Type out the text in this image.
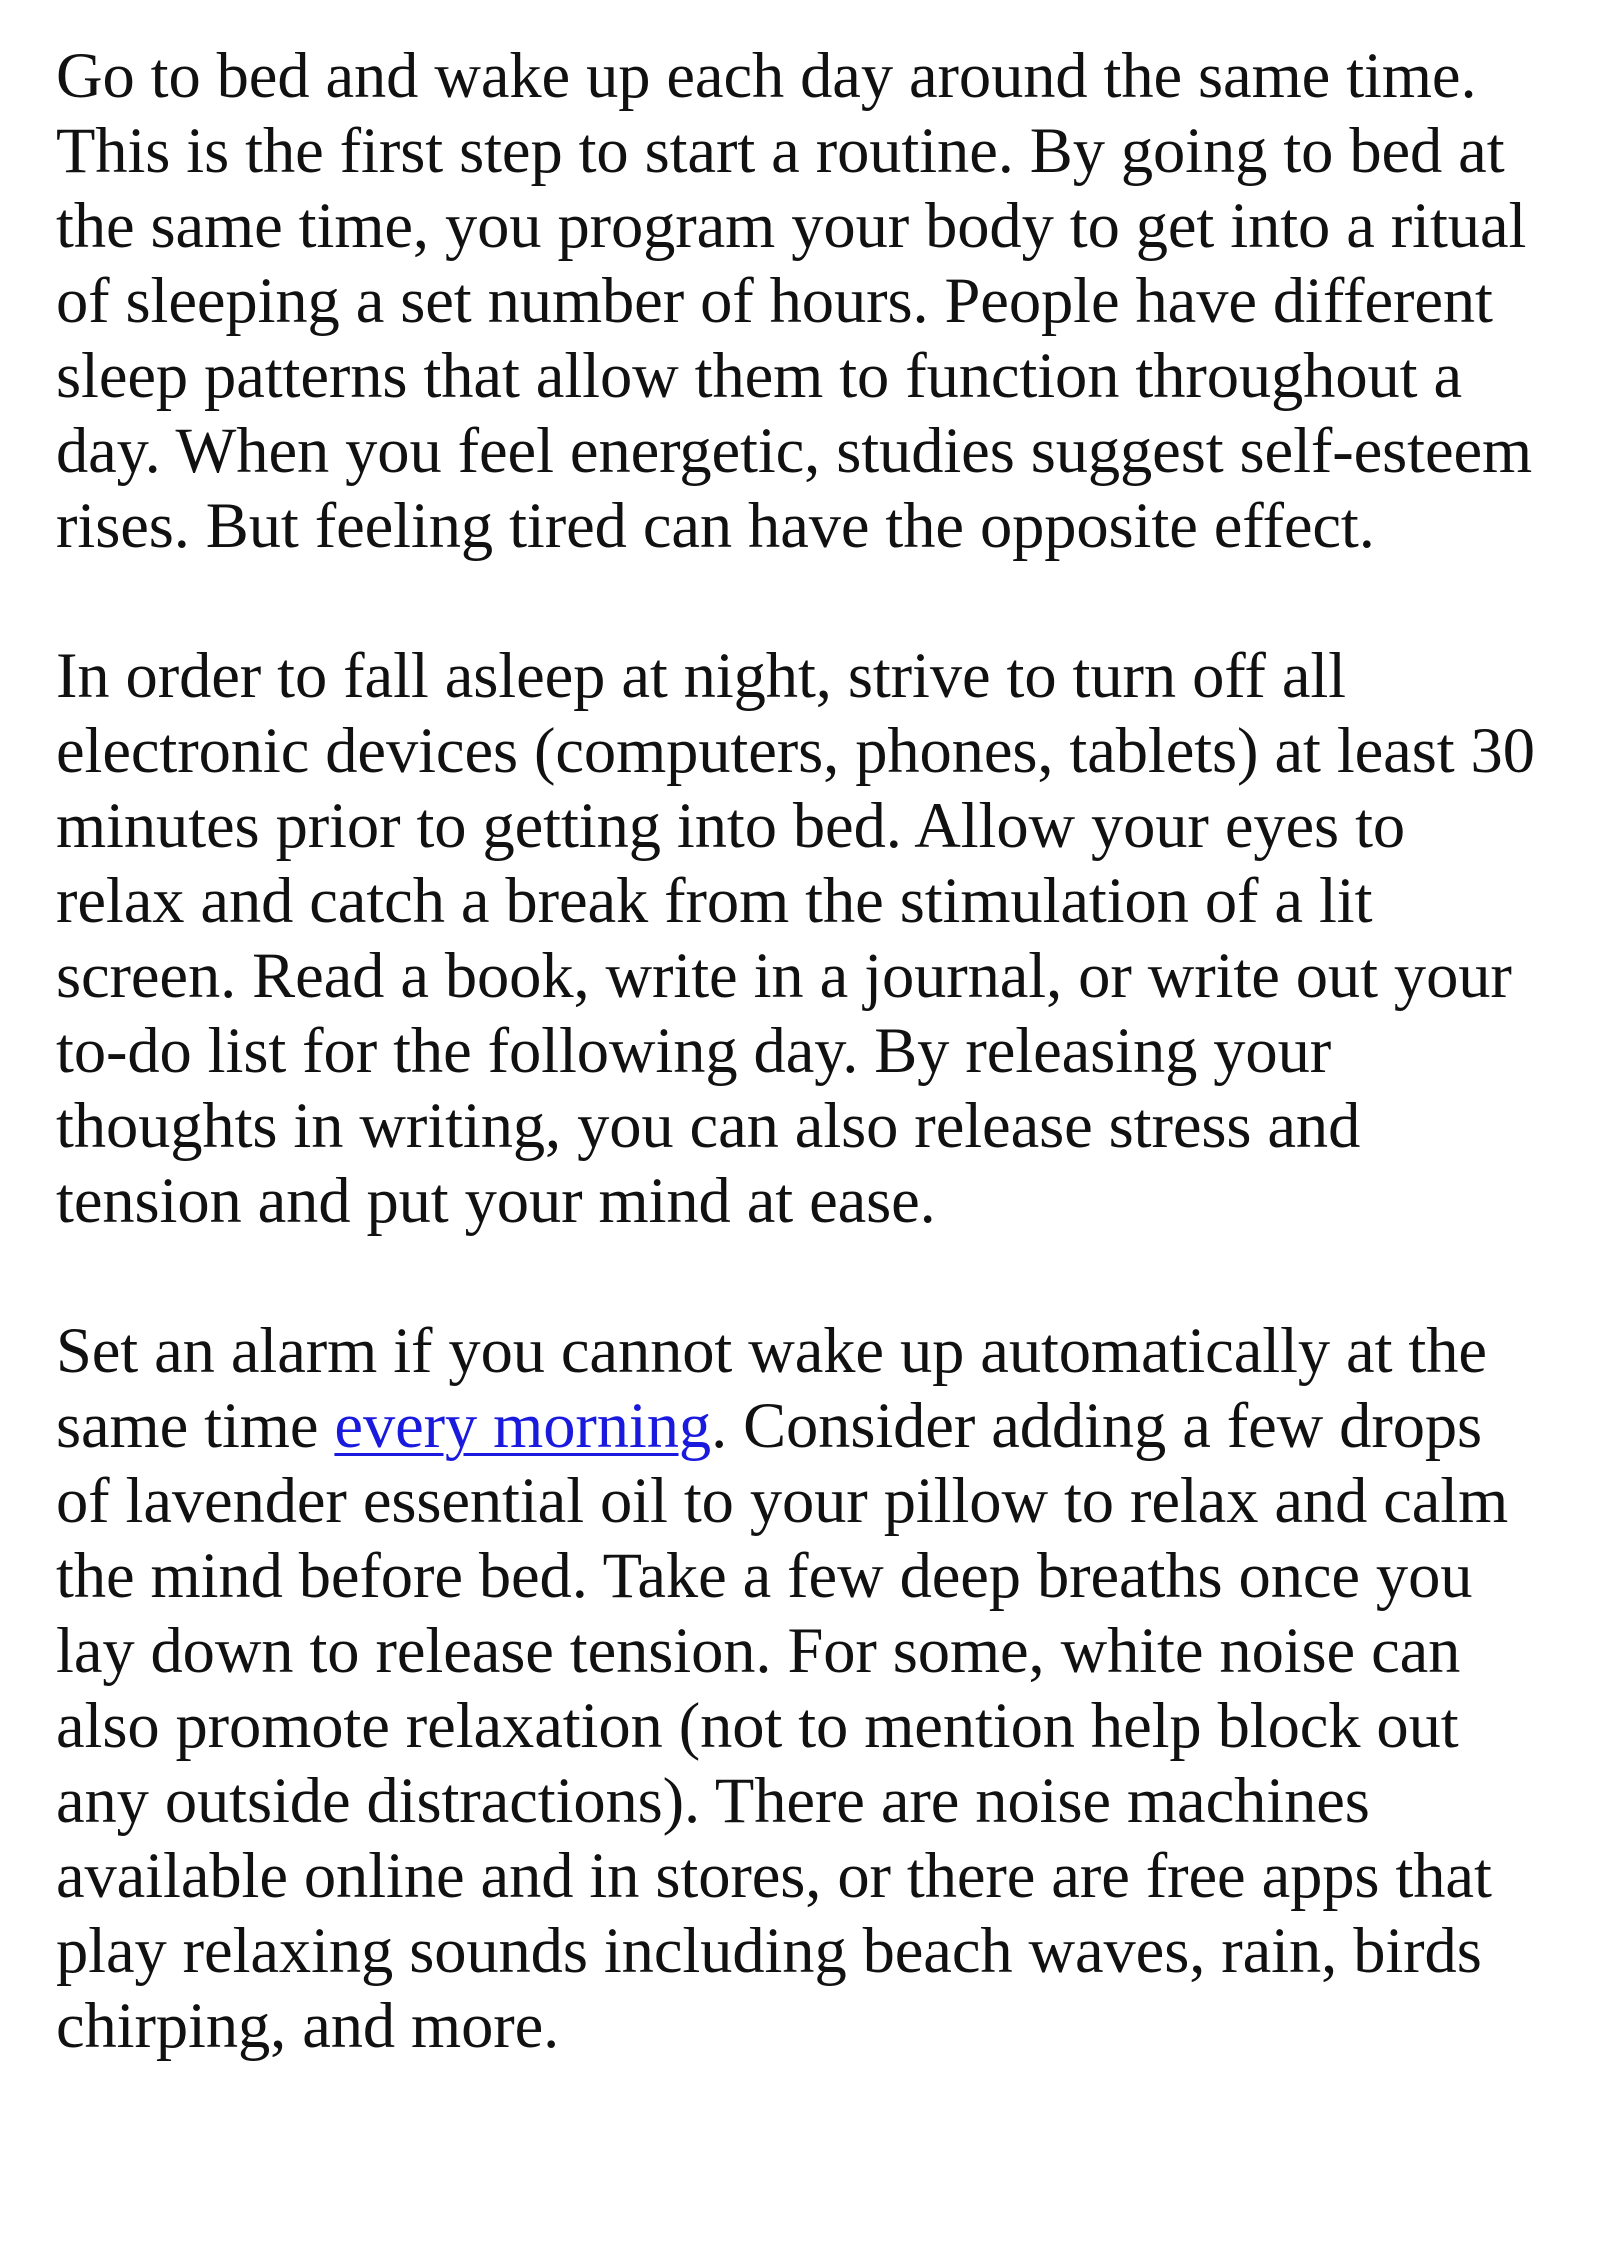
Go to bed and wake up each day around the same time.
This is the first step to start a routine. By going to bed at
the same time, you program your body to get into a ritual
of sleeping a set number of hours. People have different
sleep patterns that allow them to function throughout a
day. When you feel energetic, studies suggest self-esteem
rises. But feeling tired can have the opposite effect.

In order to fall asleep at night, strive to turn off all
electronic devices (computers, phones, tablets) at least 30
minutes prior to getting into bed. Allow your eyes to
relax and catch a break from the stimulation of a lit
screen. Read a book, write in a journal, or write out your
to-do list for the following day. By releasing your
thoughts in writing, you can also release stress and
tension and put your mind at ease.

Set an alarm if you cannot wake up automatically at the
same time every morning. Consider adding a few drops
of lavender essential oil to your pillow to relax and calm
the mind before bed. Take a few deep breaths once you
lay down to release tension. For some, white noise can
also promote relaxation (not to mention help block out
any outside distractions). There are noise machines
available online and in stores, or there are free apps that
play relaxing sounds including beach waves, rain, birds
chirping, and more.
